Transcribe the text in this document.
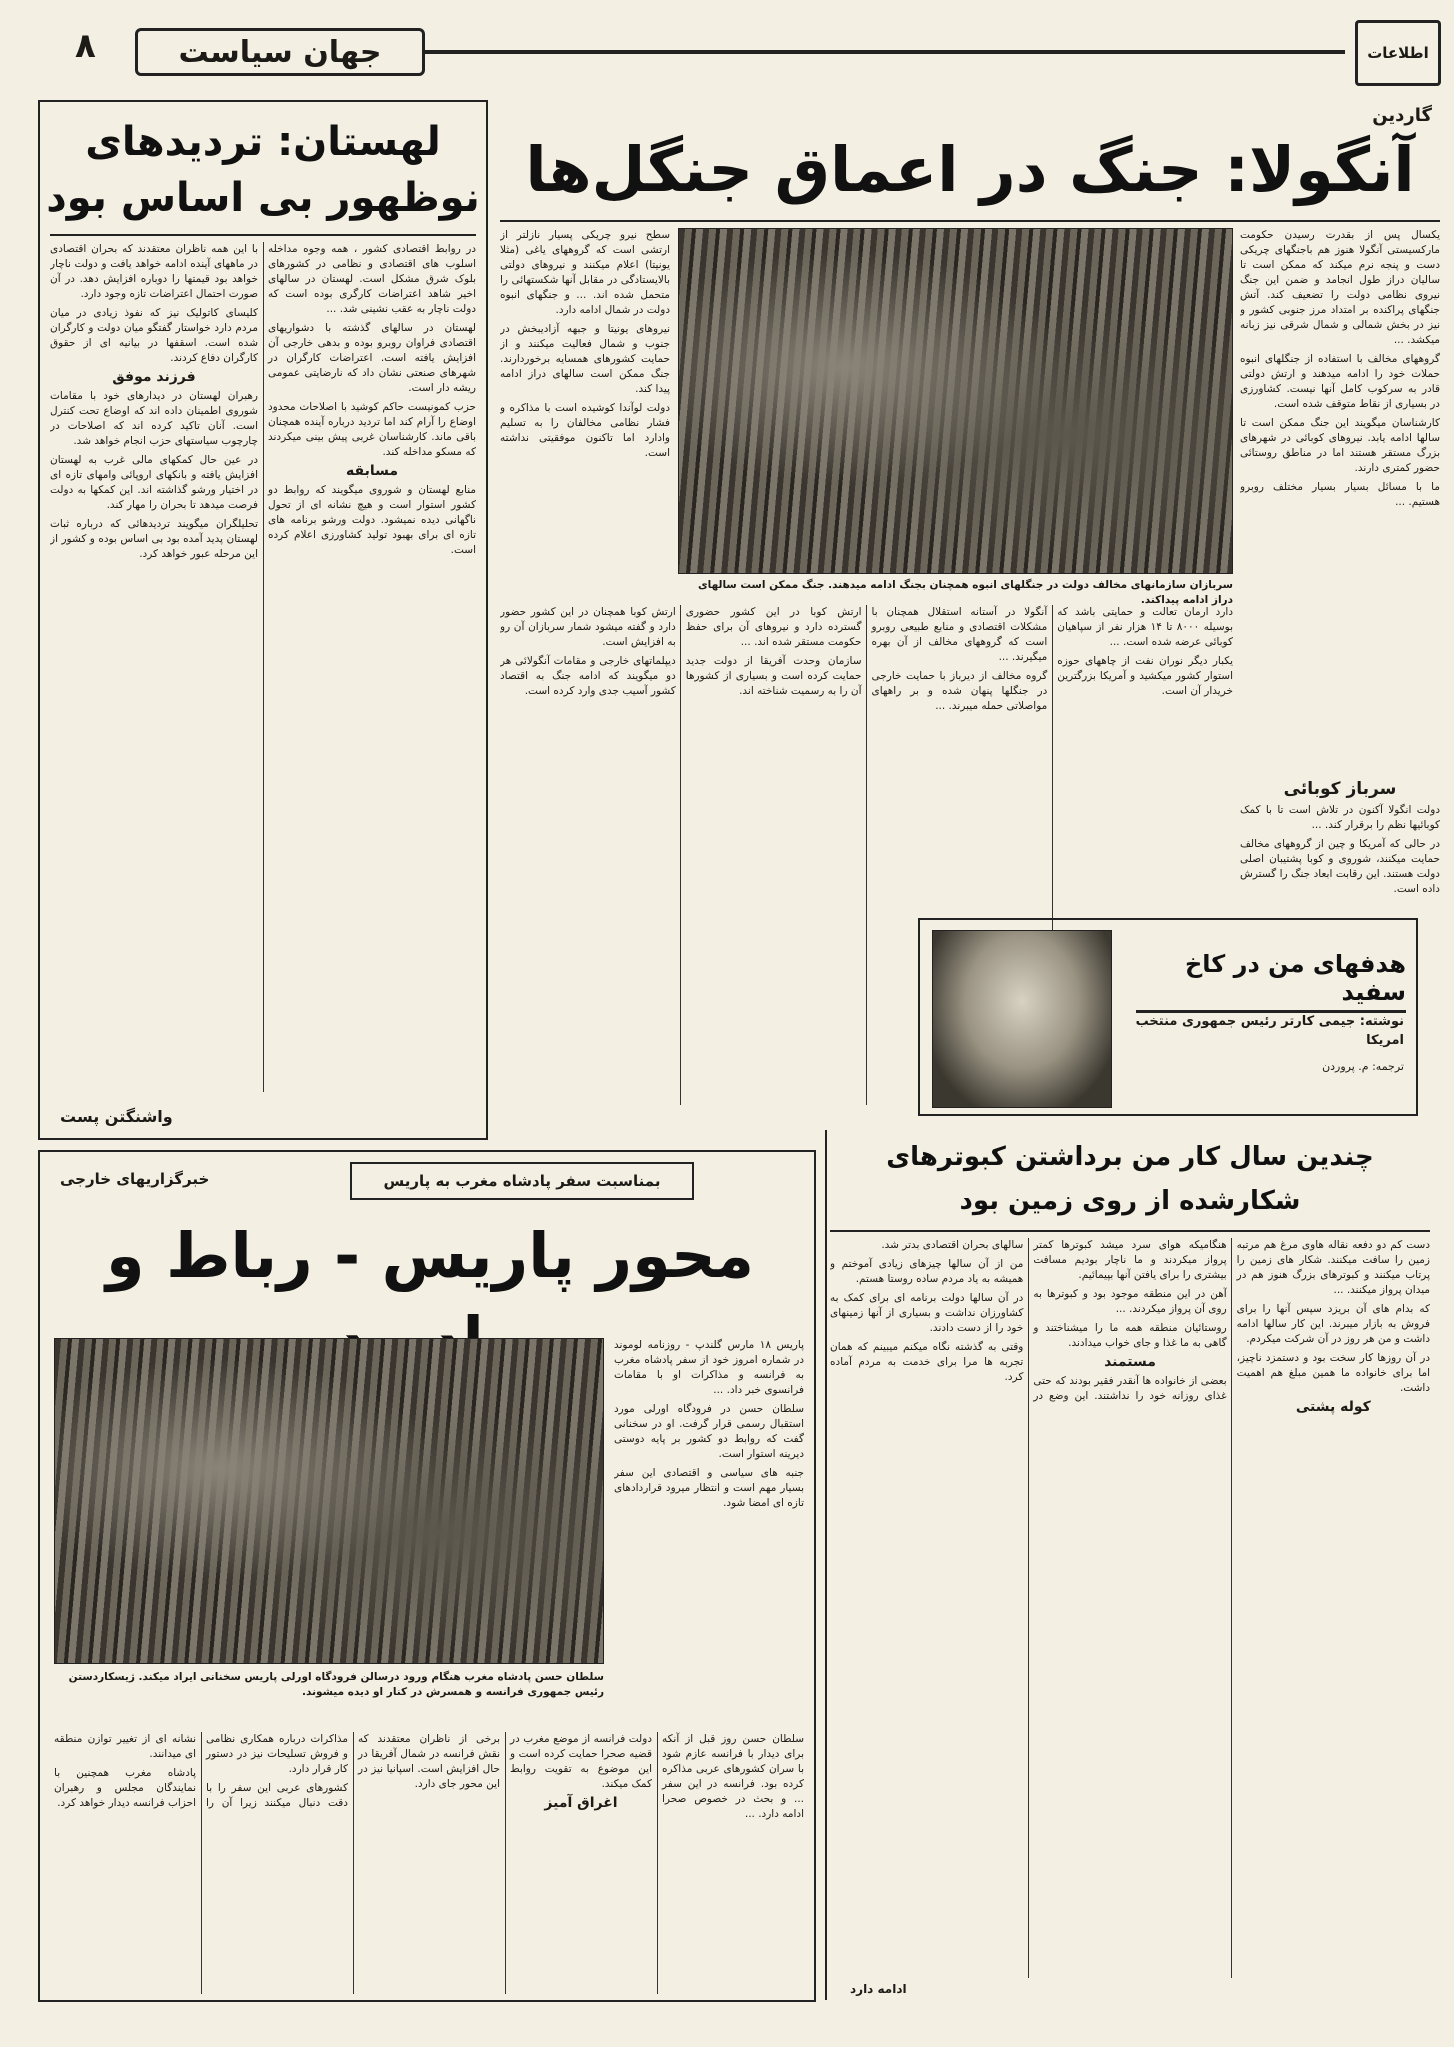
٨	جهان سیاست	اطلاعات
لهستان: تردیدهای
نوظهور بی اساس بود

در روابط اقتصادی کشور ، همه وجوه مداخله اسلوب های اقتصادی و نظامی در کشورهای بلوک شرق مشکل است. لهستان در سالهای اخیر شاهد اعتراضات کارگری بوده است که دولت ناچار به عقب نشینی شد. ...

لهستان در سالهای گذشته با دشواریهای اقتصادی فراوان روبرو بوده و بدهی خارجی آن افزایش یافته است. اعتراضات کارگران در شهرهای صنعتی نشان داد که نارضایتی عمومی ریشه دار است.

حزب کمونیست حاکم کوشید با اصلاحات محدود اوضاع را آرام کند اما تردید درباره آینده همچنان باقی ماند. کارشناسان غربی پیش بینی میکردند که مسکو مداخله کند.

مسابقه

منابع لهستان و شوروی میگویند که روابط دو کشور استوار است و هیچ نشانه ای از تحول ناگهانی دیده نمیشود. دولت ورشو برنامه های تازه ای برای بهبود تولید کشاورزی اعلام کرده است.

با این همه ناظران معتقدند که بحران اقتصادی در ماههای آینده ادامه خواهد یافت و دولت ناچار خواهد بود قیمتها را دوباره افزایش دهد. در آن صورت احتمال اعتراضات تازه وجود دارد.

کلیسای کاتولیک نیز که نفوذ زیادی در میان مردم دارد خواستار گفتگو میان دولت و کارگران شده است. اسقفها در بیانیه ای از حقوق کارگران دفاع کردند.

فرزند موفق

رهبران لهستان در دیدارهای خود با مقامات شوروی اطمینان داده اند که اوضاع تحت کنترل است. آنان تاکید کرده اند که اصلاحات در چارچوب سیاستهای حزب انجام خواهد شد.

در عین حال کمکهای مالی غرب به لهستان افزایش یافته و بانکهای اروپائی وامهای تازه ای در اختیار ورشو گذاشته اند. این کمکها به دولت فرصت میدهد تا بحران را مهار کند.

تحلیلگران میگویند تردیدهائی که درباره ثبات لهستان پدید آمده بود بی اساس بوده و کشور از این مرحله عبور خواهد کرد.

واشنگتن پست
گاردین
آنگولا: جنگ در اعماق جنگل‌ها

یکسال پس از بقدرت رسیدن حکومت مارکسیستی آنگولا هنوز هم باجنگهای چریکی دست و پنجه نرم میکند که ممکن است تا سالیان دراز طول انجامد و ضمن این جنگ نیروی نظامی دولت را تضعیف کند. آتش جنگهای پراکنده بر امتداد مرز جنوبی کشور و نیز در بخش شمالی و شمال شرقی نیز زبانه میکشد. ...

گروههای مخالف با استفاده از جنگلهای انبوه حملات خود را ادامه میدهند و ارتش دولتی قادر به سرکوب کامل آنها نیست. کشاورزی در بسیاری از نقاط متوقف شده است.

کارشناسان میگویند این جنگ ممکن است تا سالها ادامه یابد. نیروهای کوبائی در شهرهای بزرگ مستقر هستند اما در مناطق روستائی حضور کمتری دارند.

ما با مسائل بسیار بسیار مختلف روبرو هستیم. ...

سربازان سازمانهای مخالف دولت در جنگلهای انبوه همچنان بجنگ ادامه میدهند. جنگ ممکن است سالهای دراز ادامه پیداکند.

سطح نیرو چریکی پسیار نازلتر از ارتشی است که گروههای یاغی (مثلا یونیتا) اعلام میکنند و نیروهای دولتی بالایستادگی در مقابل آنها شکستهائی را متحمل شده اند. ... و جنگهای انبوه دولت در شمال ادامه دارد.

نیروهای یونیتا و جبهه آزادیبخش در جنوب و شمال فعالیت میکنند و از حمایت کشورهای همسایه برخوردارند. جنگ ممکن است سالهای دراز ادامه پیدا کند.

دولت لوآندا کوشیده است با مذاکره و فشار نظامی مخالفان را به تسلیم وادارد اما تاکنون موفقیتی نداشته است.

دارد ارمان تعالت و حمایتی باشد که بوسیله ۸۰۰۰ تا ۱۴ هزار نفر از سپاهیان کوبائی عرضه شده است. ...

یکبار دیگر نوران نفت از چاههای حوزه استوار کشور میکشید و آمریکا بزرگترین خریدار آن است.

آنگولا در آستانه استقلال همچنان با مشکلات اقتصادی و منابع طبیعی روبرو است که گروههای مخالف از آن بهره میگیرند. ...

گروه مخالف از دیرباز با حمایت خارجی در جنگلها پنهان شده و بر راههای مواصلاتی حمله میبرند. ...

ارتش کوبا در این کشور حضوری گسترده دارد و نیروهای آن برای حفظ حکومت مستقر شده اند. ...

سازمان وحدت آفریقا از دولت جدید حمایت کرده است و بسیاری از کشورها آن را به رسمیت شناخته اند.

ارتش کوبا همچنان در این کشور حضور دارد و گفته میشود شمار سربازان آن رو به افزایش است.

دیپلماتهای خارجی و مقامات آنگولائی هر دو میگویند که ادامه جنگ به اقتصاد کشور آسیب جدی وارد کرده است.

سرباز کوبائی

دولت انگولا آکنون در تلاش است تا با کمک کوبائیها نظم را برقرار کند. ...

در حالی که آمریکا و چین از گروههای مخالف حمایت میکنند، شوروی و کوبا پشتیبان اصلی دولت هستند. این رقابت ابعاد جنگ را گسترش داده است.

هدفهای من در کاخ سفید
نوشته: جیمی کارتر رئیس جمهوری منتخب امریکا
ترجمه: م. پروردن
چندین سال کار من برداشتن کبوترهای
شکارشده از روی زمین بود

دست کم دو دفعه نقاله هاوی مرغ هم مرتبه زمین را سافت میکنند. شکار های زمین را پرتاب میکنند و کبوترهای بزرگ هنوز هم در میدان پرواز میکنند. ...

که بدام های آن بریزد سپس آنها را برای فروش به بازار میبرند. این کار سالها ادامه داشت و من هر روز در آن شرکت میکردم.

در آن روزها کار سخت بود و دستمزد ناچیز، اما برای خانواده ما همین مبلغ هم اهمیت داشت.

کوله پشتی

هنگامیکه هوای سرد میشد کبوترها کمتر پرواز میکردند و ما ناچار بودیم مسافت بیشتری را برای یافتن آنها بپیمائیم.

آهن در این منطقه موجود بود و کبوترها به روی آن پرواز میکردند. ...

روستائیان منطقه همه ما را میشناختند و گاهی به ما غذا و جای خواب میدادند.

مستمند

بعضی از خانواده ها آنقدر فقیر بودند که حتی غذای روزانه خود را نداشتند. این وضع در سالهای بحران اقتصادی بدتر شد.

من از آن سالها چیزهای زیادی آموختم و همیشه به یاد مردم ساده روستا هستم.

در آن سالها دولت برنامه ای برای کمک به کشاورزان نداشت و بسیاری از آنها زمینهای خود را از دست دادند.

وقتی به گذشته نگاه میکنم میبینم که همان تجربه ها مرا برای خدمت به مردم آماده کرد.

ادامه دارد
بمناسبت سفر پادشاه مغرب به پاریس
خبرگزاریهای خارجی
محور پاریس - رباط و
سلطان حسن پادشاه مغرب هنگام ورود درسالن فرودگاه اورلی پاریس سخنانی ایراد میکند. ژیسکاردستن رئیس جمهوری فرانسه و همسرش در کنار او دیده میشوند.

پاریس ۱۸ مارس گلندپ - روزنامه لوموند در شماره امروز خود از سفر پادشاه مغرب به فرانسه و مذاکرات او با مقامات فرانسوی خبر داد. ...

سلطان حسن در فرودگاه اورلی مورد استقبال رسمی قرار گرفت. او در سخنانی گفت که روابط دو کشور بر پایه دوستی دیرینه استوار است.

جنبه های سیاسی و اقتصادی این سفر بسیار مهم است و انتظار میرود قراردادهای تازه ای امضا شود.

سلطان حسن روز قبل از آنکه برای دیدار با فرانسه عازم شود با سران کشورهای عربی مذاکره کرده بود. فرانسه در این سفر ... و بحث در خصوص صحرا ادامه دارد. ...

دولت فرانسه از موضع مغرب در قضیه صحرا حمایت کرده است و این موضوع به تقویت روابط کمک میکند.

اغراق آمیز

برخی از ناظران معتقدند که نقش فرانسه در شمال آفریقا در حال افزایش است. اسپانیا نیز در این محور جای دارد.

مذاکرات درباره همکاری نظامی و فروش تسلیحات نیز در دستور کار قرار دارد.

کشورهای عربی این سفر را با دقت دنبال میکنند زیرا آن را نشانه ای از تغییر توازن منطقه ای میدانند.

پادشاه مغرب همچنین با نمایندگان مجلس و رهبران احزاب فرانسه دیدار خواهد کرد.
